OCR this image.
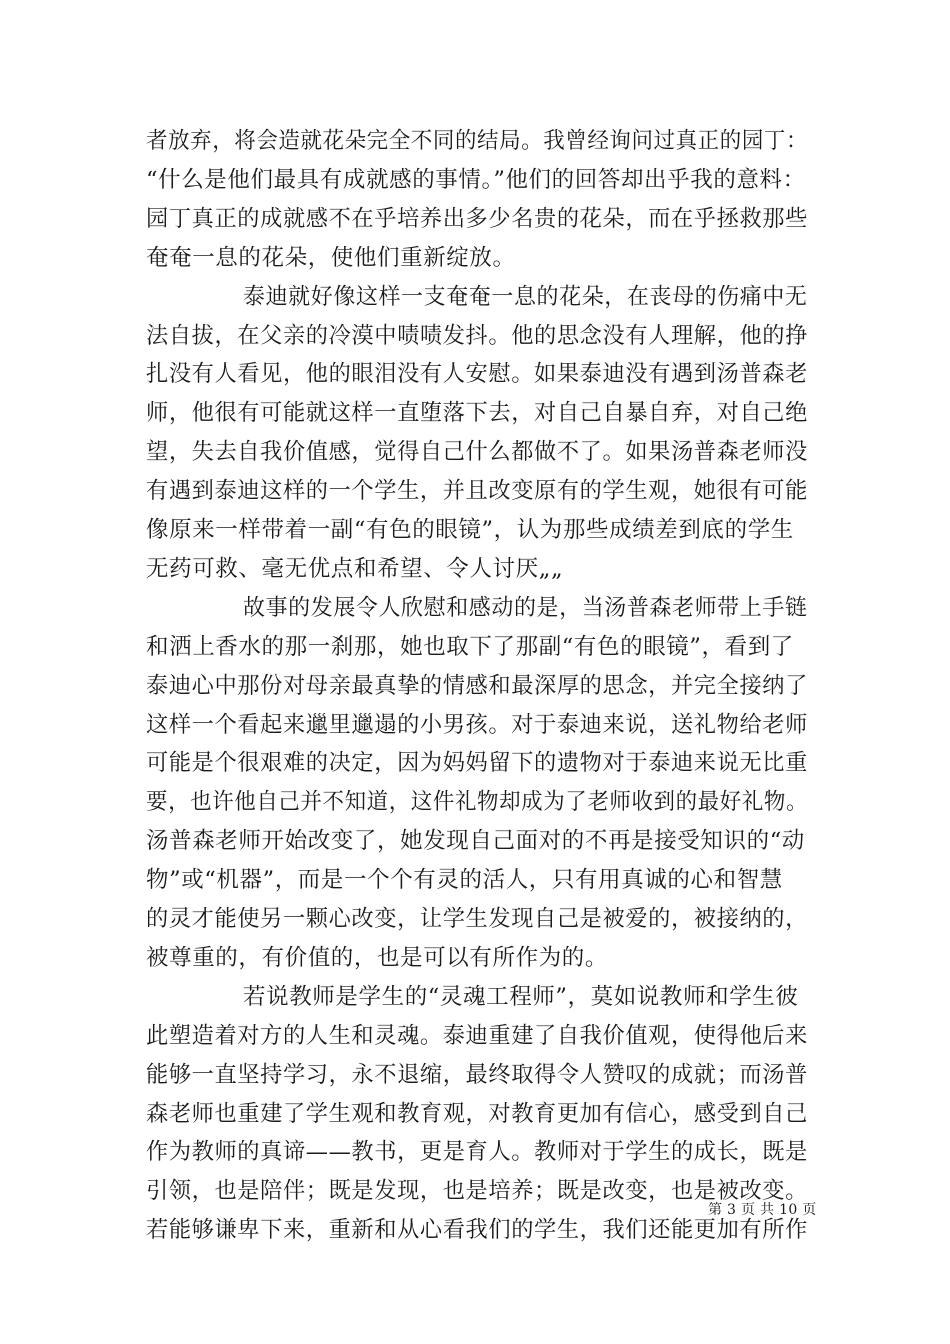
者放弃，将会造就花朵完全不同的结局。我曾经询问过真正的园丁：
“什么是他们最具有成就感的事情。”他们的回答却出乎我的意料：
园丁真正的成就感不在乎培养出多少名贵的花朵，而在乎拯救那些
奄奄一息的花朵，使他们重新绽放。
泰迪就好像这样一支奄奄一息的花朵，在丧母的伤痛中无
法自拔，在父亲的冷漠中啧啧发抖。他的思念没有人理解，他的挣
扎没有人看见，他的眼泪没有人安慰。如果泰迪没有遇到汤普森老
师，他很有可能就这样一直堕落下去，对自己自暴自弃，对自己绝
望，失去自我价值感，觉得自己什么都做不了。如果汤普森老师没
有遇到泰迪这样的一个学生，并且改变原有的学生观，她很有可能
像原来一样带着一副“有色的眼镜”，认为那些成绩差到底的学生
无药可救、毫无优点和希望、令人讨厌„„
故事的发展令人欣慰和感动的是，当汤普森老师带上手链
和洒上香水的那一刹那，她也取下了那副“有色的眼镜”，看到了
泰迪心中那份对母亲最真挚的情感和最深厚的思念，并完全接纳了
这样一个看起来邋里邋遢的小男孩。对于泰迪来说，送礼物给老师
可能是个很艰难的决定，因为妈妈留下的遗物对于泰迪来说无比重
要，也许他自己并不知道，这件礼物却成为了老师收到的最好礼物。
汤普森老师开始改变了，她发现自己面对的不再是接受知识的“动
物”或“机器”，而是一个个有灵的活人，只有用真诚的心和智慧
的灵才能使另一颗心改变，让学生发现自己是被爱的，被接纳的，
被尊重的，有价值的，也是可以有所作为的。
若说教师是学生的“灵魂工程师”，莫如说教师和学生彼
此塑造着对方的人生和灵魂。泰迪重建了自我价值观，使得他后来
能够一直坚持学习，永不退缩，最终取得令人赞叹的成就；而汤普
森老师也重建了学生观和教育观，对教育更加有信心，感受到自己
作为教师的真谛——教书，更是育人。教师对于学生的成长，既是
引领，也是陪伴；既是发现，也是培养；既是改变，也是被改变。
若能够谦卑下来，重新和从心看我们的学生，我们还能更加有所作
第 3 页 共 10 页
